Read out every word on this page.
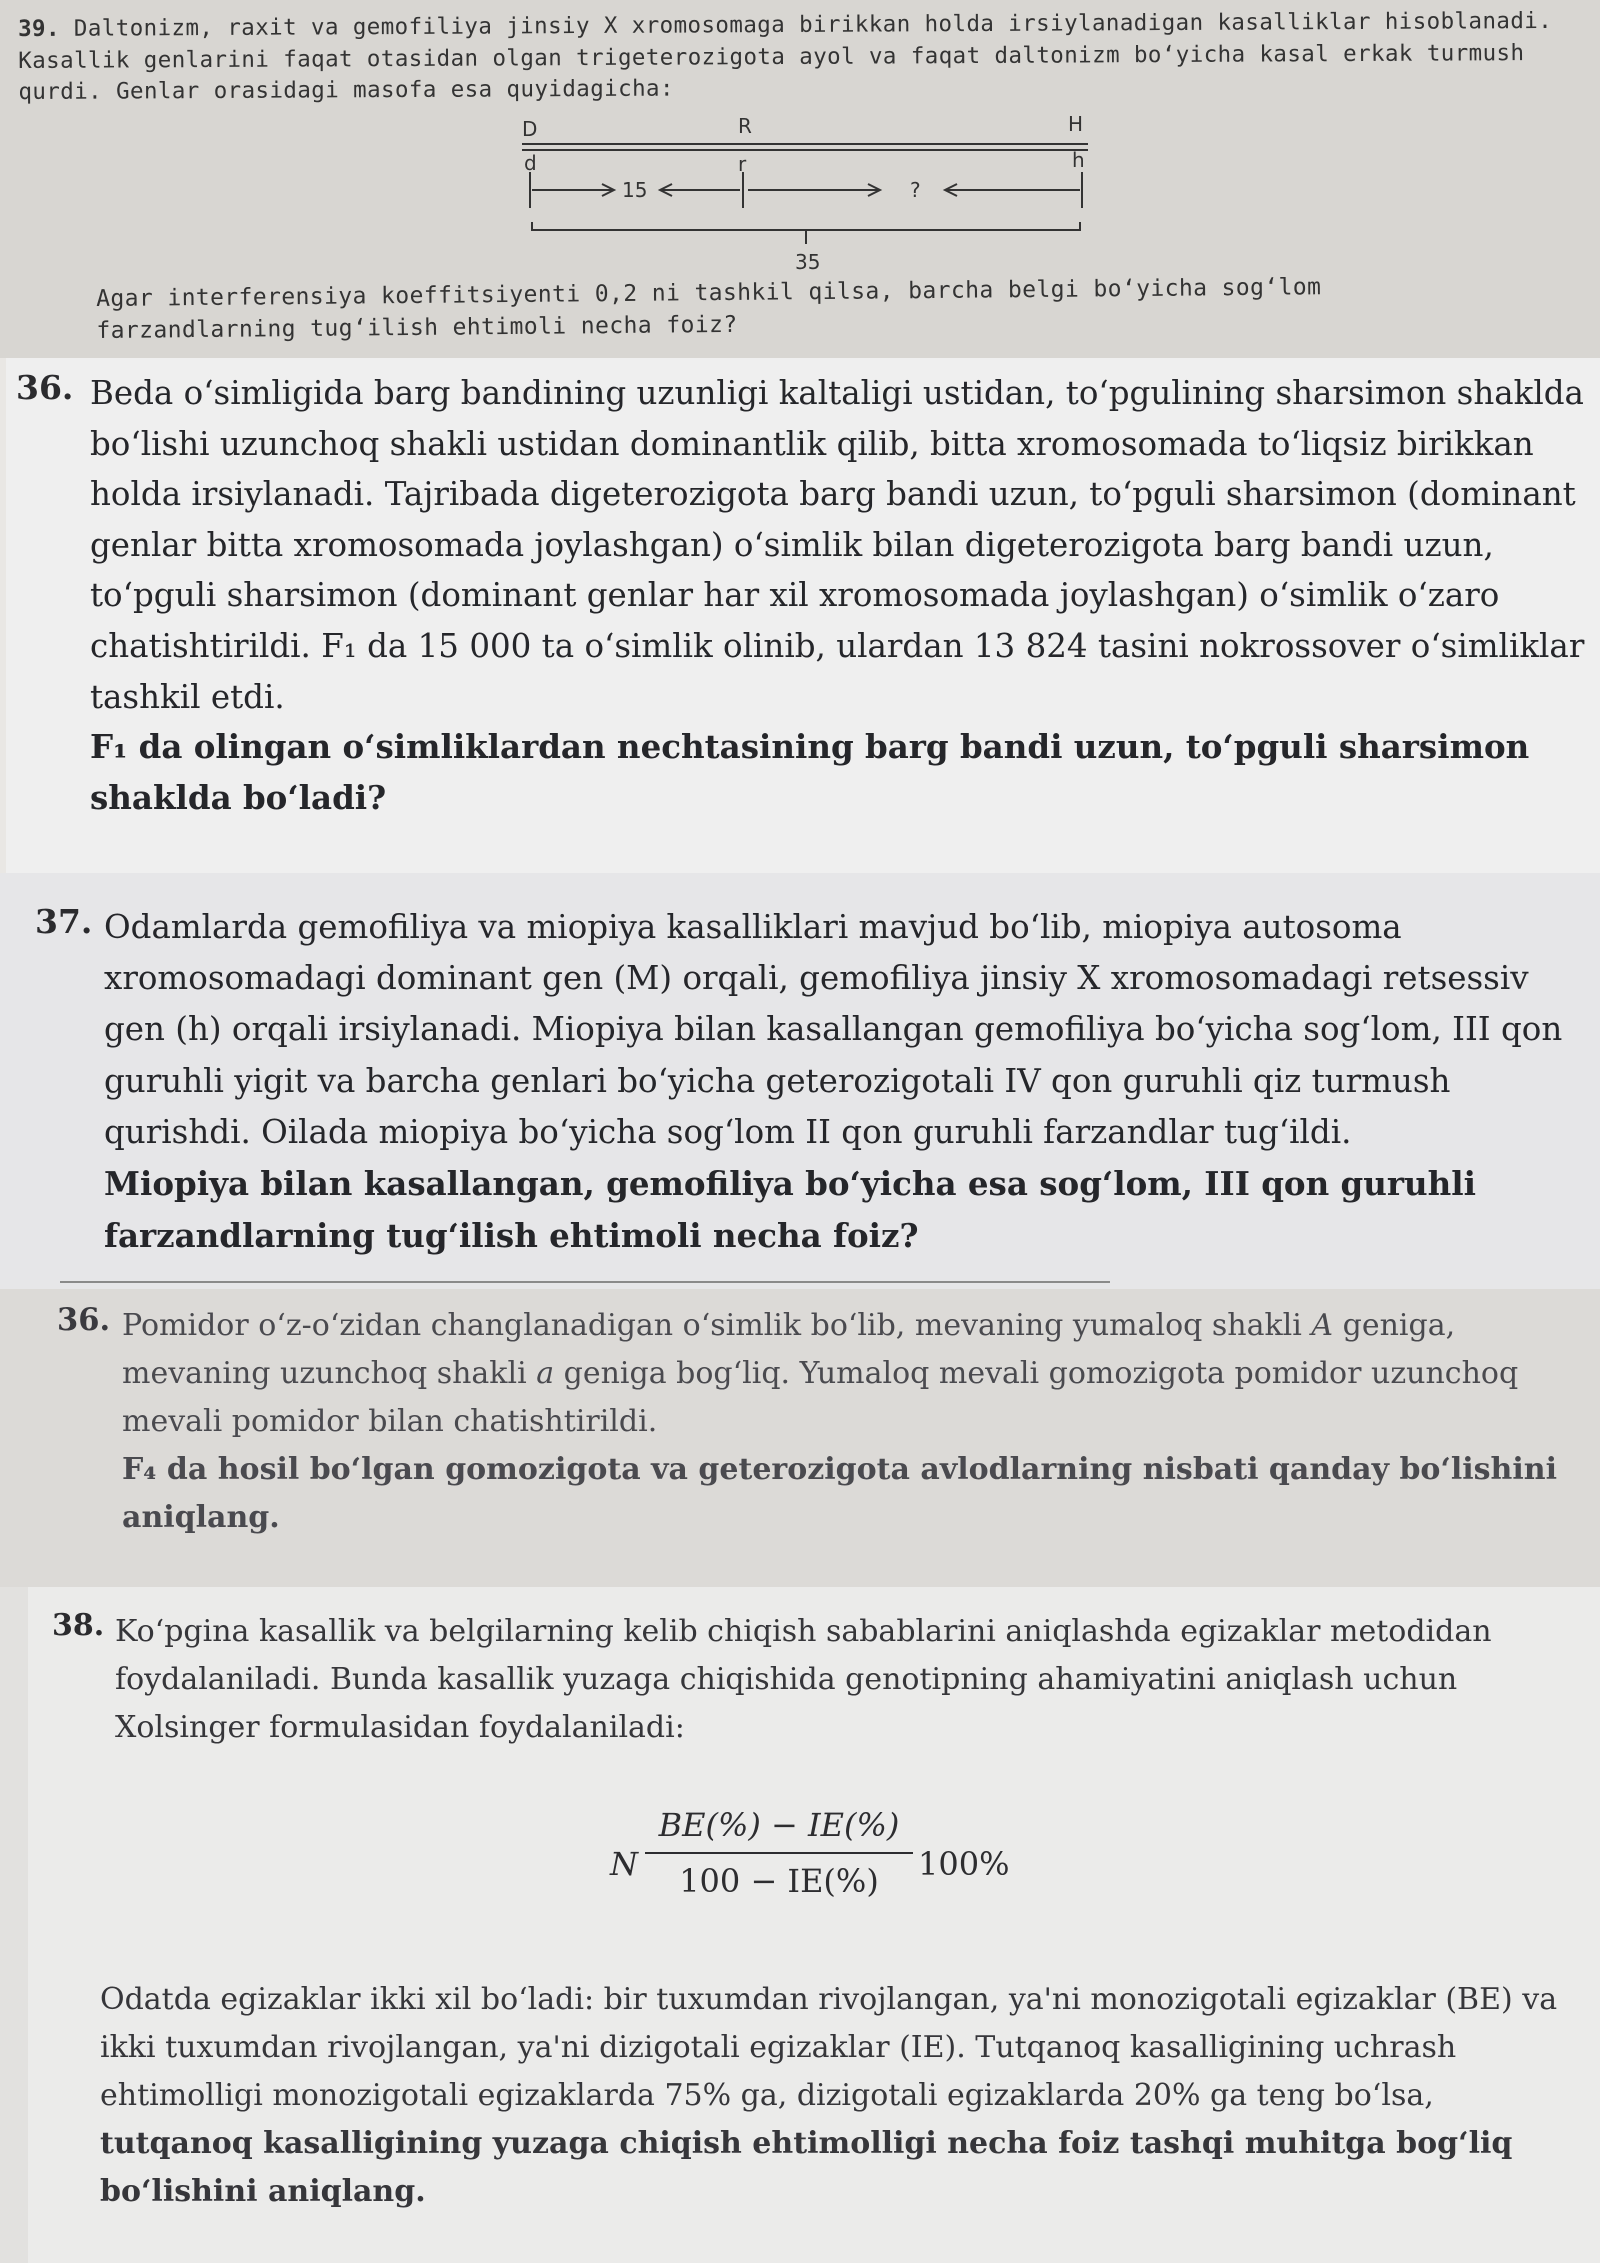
39. Daltonizm, raxit va gemofiliya jinsiy X xromosomaga birikkan holda irsiylanadigan kasalliklar hisoblanadi. Kasallik genlarini faqat otasidan olgan trigeterozigota ayol va faqat daltonizm bo‘yicha kasal erkak turmush qurdi. Genlar orasidagi masofa esa quyidagicha:

D	R	H
d	r	h
15	?
35

Agar interferensiya koeffitsiyenti 0,2 ni tashkil qilsa, barcha belgi bo‘yicha sog‘lom farzandlarning tug‘ilish ehtimoli necha foiz?

36. Beda o‘simligida barg bandining uzunligi kaltaligi ustidan, to‘pgulining sharsimon shaklda bo‘lishi uzunchoq shakli ustidan dominantlik qilib, bitta xromosomada to‘liqsiz birikkan holda irsiylanadi. Tajribada digeterozigota barg bandi uzun, to‘pguli sharsimon (dominant genlar bitta xromosomada joylashgan) o‘simlik bilan digeterozigota barg bandi uzun, to‘pguli sharsimon (dominant genlar har xil xromosomada joylashgan) o‘simlik o‘zaro chatishtirildi. F₁ da 15 000 ta o‘simlik olinib, ulardan 13 824 tasini nokrossover o‘simliklar tashkil etdi.
F₁ da olingan o‘simliklardan nechtasining barg bandi uzun, to‘pguli sharsimon shaklda bo‘ladi?

37. Odamlarda gemofiliya va miopiya kasalliklari mavjud bo‘lib, miopiya autosoma xromosomadagi dominant gen (M) orqali, gemofiliya jinsiy X xromosomadagi retsessiv gen (h) orqali irsiylanadi. Miopiya bilan kasallangan gemofiliya bo‘yicha sog‘lom, III qon guruhli yigit va barcha genlari bo‘yicha geterozigotali IV qon guruhli qiz turmush qurishdi. Oilada miopiya bo‘yicha sog‘lom II qon guruhli farzandlar tug‘ildi.
Miopiya bilan kasallangan, gemofiliya bo‘yicha esa sog‘lom, III qon guruhli farzandlarning tug‘ilish ehtimoli necha foiz?

36. Pomidor o‘z-o‘zidan changlanadigan o‘simlik bo‘lib, mevaning yumaloq shakli A geniga, mevaning uzunchoq shakli a geniga bog‘liq. Yumaloq mevali gomozigota pomidor uzunchoq mevali pomidor bilan chatishtirildi.
F₄ da hosil bo‘lgan gomozigota va geterozigota avlodlarning nisbati qanday bo‘lishini aniqlang.

38. Ko‘pgina kasallik va belgilarning kelib chiqish sabablarini aniqlashda egizaklar metodidan foydalaniladi. Bunda kasallik yuzaga chiqishida genotipning ahamiyatini aniqlash uchun Xolsinger formulasidan foydalaniladi:

N
BE(%) − IE(%)
100 − IE(%)	100%

Odatda egizaklar ikki xil bo‘ladi: bir tuxumdan rivojlangan, ya'ni monozigotali egizaklar (BE) va ikki tuxumdan rivojlangan, ya'ni dizigotali egizaklar (IE). Tutqanoq kasalligining uchrash ehtimolligi monozigotali egizaklarda 75% ga, dizigotali egizaklarda 20% ga teng bo‘lsa, tutqanoq kasalligining yuzaga chiqish ehtimolligi necha foiz tashqi muhitga bog‘liq bo‘lishini aniqlang.
